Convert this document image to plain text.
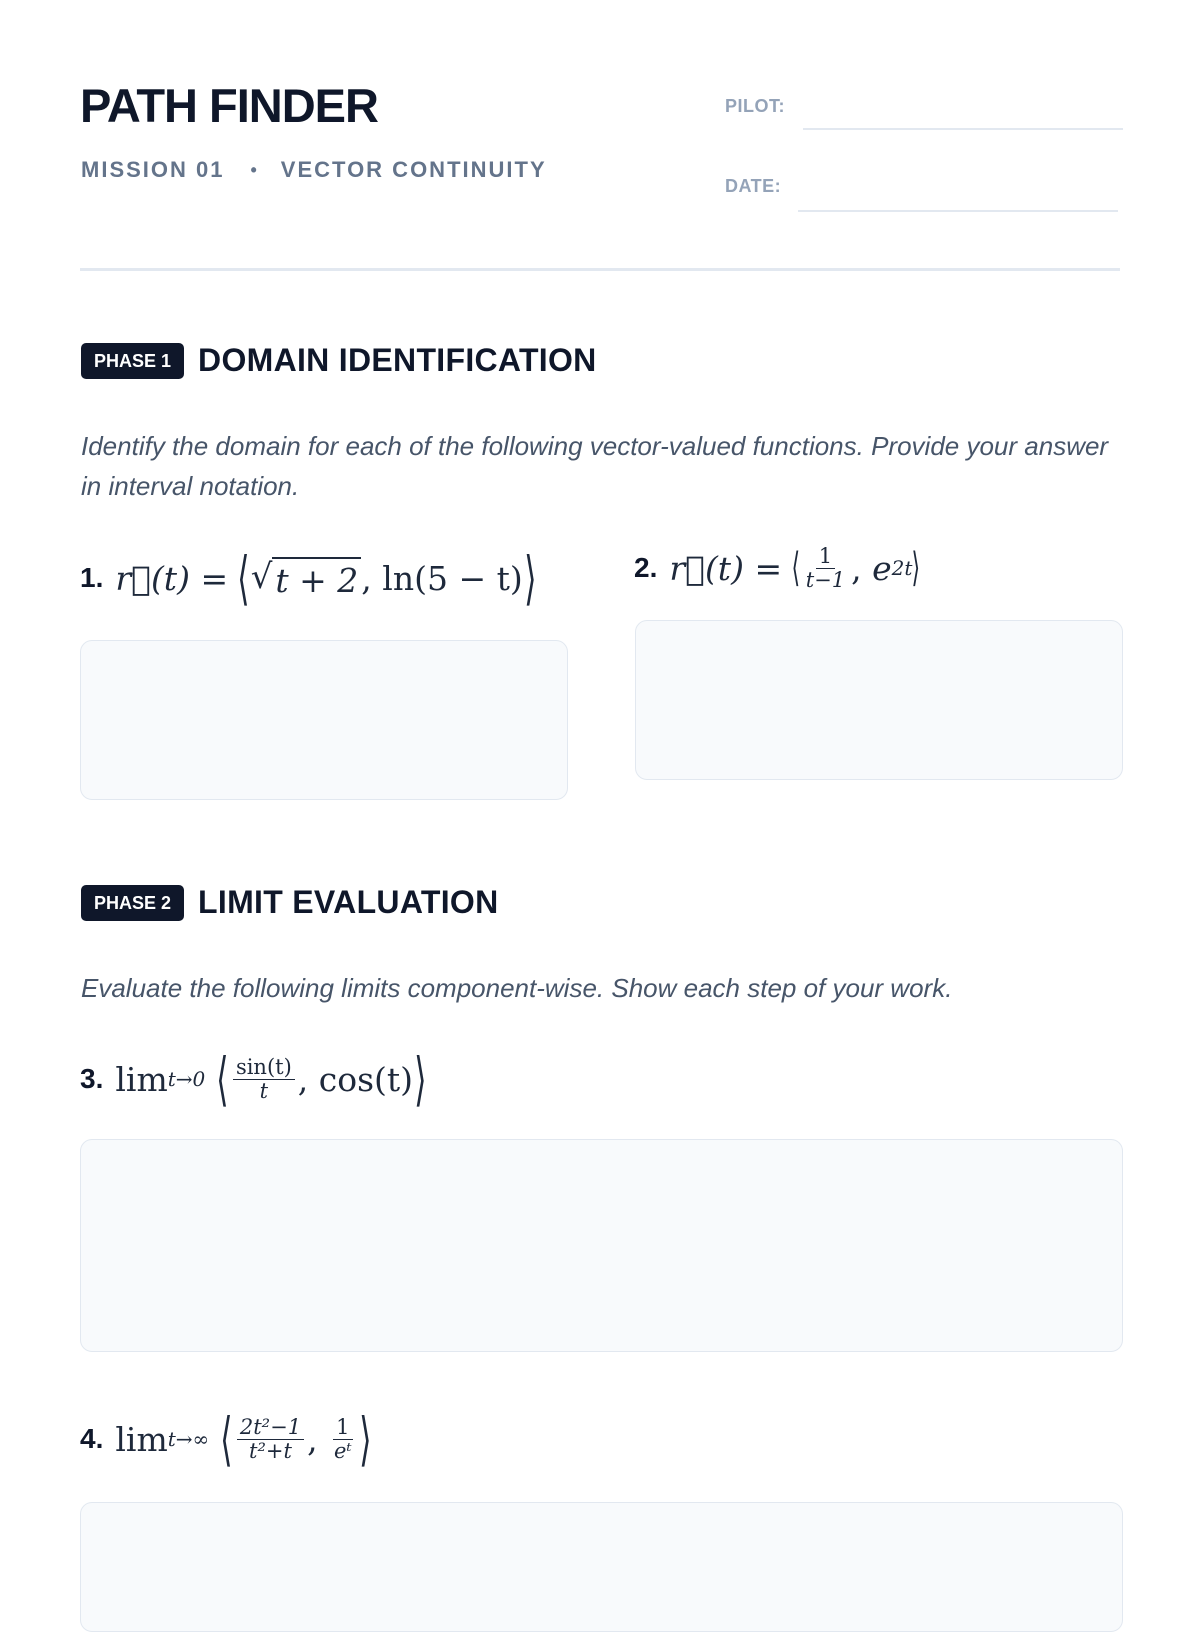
PATH FINDER
MISSION 01 • VECTOR CONTINUITY
PILOT:
DATE:
PHASE 1 DOMAIN IDENTIFICATION
Identify the domain for each of the following vector-valued functions. Provide your answer in interval notation.
1. r⃗(t) = ⟨ √ t + 2 , ln(5 − t) ⟩	2. r⃗(t) = ⟨ $\frac{1}{t-1}$ , e 2t ⟩
PHASE 2 LIMIT EVALUATION
Evaluate the following limits component-wise. Show each step of your work.
3. lim t→0 ⟨ $\frac{\sin(t)}{t}$ , cos(t) ⟩
4. lim t→∞ ⟨ $\frac{\text{2t²−1}}{\text{t²+t}}$ , $\frac{1}{\text{eᵗ}}$ ⟩
